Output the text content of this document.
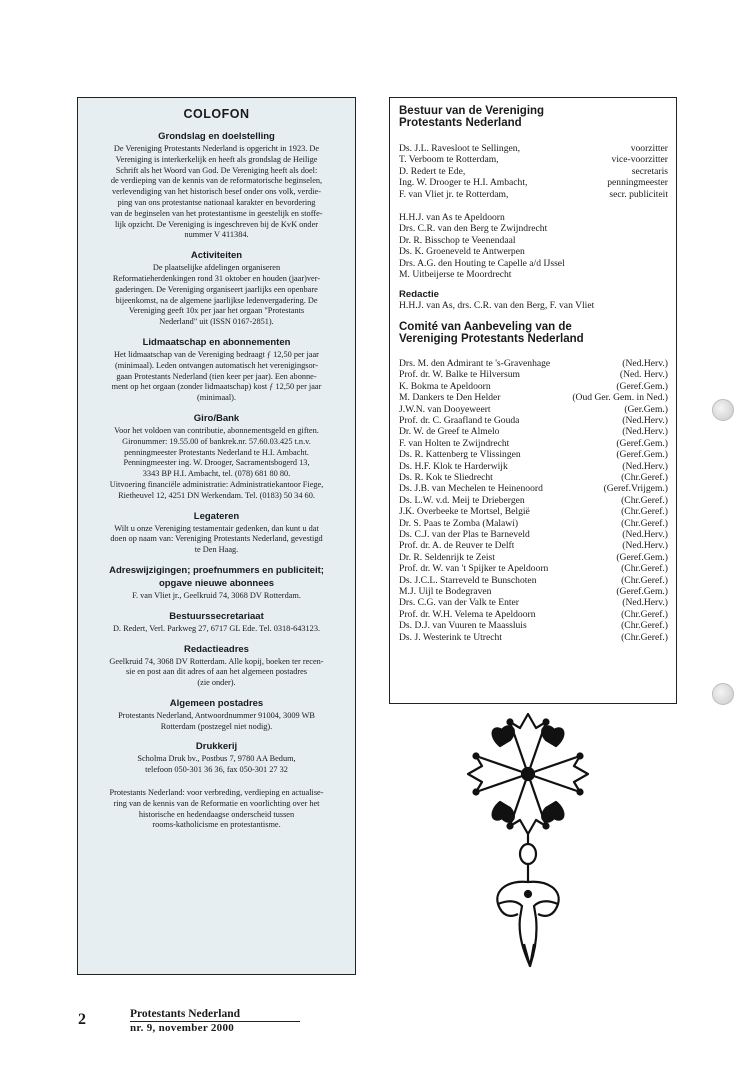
COLOFON
Grondslag en doelstelling
De Vereniging Protestants Nederland is opgericht in 1923. De
Vereniging is interkerkelijk en heeft als grondslag de Heilige
Schrift als het Woord van God. De Vereniging heeft als doel:
de verdieping van de kennis van de reformatorische beginselen,
verlevendiging van het historisch besef onder ons volk, verdie-
ping van ons protestantse nationaal karakter en bevordering
van de beginselen van het protestantisme in geestelijk en stoffe-
lijk opzicht. De Vereniging is ingeschreven bij de KvK onder
nummer V 411384.
Activiteiten
De plaatselijke afdelingen organiseren
Reformatieherdenkingen rond 31 oktober en houden (jaar)ver-
gaderingen. De Vereniging organiseert jaarlijks een openbare
bijeenkomst, na de algemene jaarlijkse ledenvergadering. De
Vereniging geeft 10x per jaar het orgaan "Protestants
Nederland" uit (ISSN 0167-2851).
Lidmaatschap en abonnementen
Het lidmaatschap van de Vereniging bedraagt ƒ 12,50 per jaar
(minimaal). Leden ontvangen automatisch het verenigingsor-
gaan Protestants Nederland (tien keer per jaar). Een abonne-
ment op het orgaan (zonder lidmaatschap) kost ƒ 12,50 per jaar
(minimaal).
Giro/Bank
Voor het voldoen van contributie, abonnementsgeld en giften.
Gironummer: 19.55.00 of bankrek.nr. 57.60.03.425 t.n.v.
penningmeester Protestants Nederland te H.I. Ambacht.
Penningmeester ing. W. Drooger, Sacramentsbogerd 13,
3343 BP H.I. Ambacht, tel. (078) 681 80 80.
Uitvoering financiële administratie: Administratiekantoor Fiege,
Rietheuvel 12, 4251 DN Werkendam. Tel. (0183) 50 34 60.
Legateren
Wilt u onze Vereniging testamentair gedenken, dan kunt u dat
doen op naam van: Vereniging Protestants Nederland, gevestigd
te Den Haag.
Adreswijzigingen; proefnummers en publiciteit;
opgave nieuwe abonnees
F. van Vliet jr., Geelkruid 74, 3068 DV Rotterdam.
Bestuurssecretariaat
D. Redert, Verl. Parkweg 27, 6717 GL Ede. Tel. 0318-643123.
Redactieadres
Geelkruid 74, 3068 DV Rotterdam. Alle kopij, boeken ter recen-
sie en post aan dit adres of aan het algemeen postadres
(zie onder).
Algemeen postadres
Protestants Nederland, Antwoordnummer 91004, 3009 WB
Rotterdam (postzegel niet nodig).
Drukkerij
Scholma Druk bv., Postbus 7, 9780 AA Bedum,
telefoon 050-301 36 36, fax 050-301 27 32
Protestants Nederland: voor verbreding, verdieping en actualise-
ring van de kennis van de Reformatie en voorlichting over het
historische en hedendaagse onderscheid tussen
rooms-katholicisme en protestantisme.
Bestuur van de Vereniging
Protestants Nederland
Ds. J.L. Ravesloot te Sellingen,	voorzitter
T. Verboom te Rotterdam,	vice-voorzitter
D. Redert te Ede,	secretaris
Ing. W. Drooger te H.I. Ambacht,	penningmeester
F. van Vliet jr. te Rotterdam,	secr. publiciteit
H.H.J. van As te Apeldoorn
Drs. C.R. van den Berg te Zwijndrecht
Dr. R. Bisschop te Veenendaal
Ds. K. Groeneveld te Antwerpen
Drs. A.G. den Houting te Capelle a/d IJssel
M. Uitbeijerse te Moordrecht
Redactie
H.H.J. van As, drs. C.R. van den Berg, F. van Vliet
Comité van Aanbeveling van de
Vereniging Protestants Nederland
Drs. M. den Admirant te 's-Gravenhage	(Ned.Herv.)
Prof. dr. W. Balke te Hilversum	(Ned. Herv.)
K. Bokma te Apeldoorn	(Geref.Gem.)
M. Dankers te Den Helder	(Oud Ger. Gem. in Ned.)
J.W.N. van Dooyeweert	(Ger.Gem.)
Prof. dr. C. Graafland te Gouda	(Ned.Herv.)
Dr. W. de Greef te Almelo	(Ned.Herv.)
F. van Holten te Zwijndrecht	(Geref.Gem.)
Ds. R. Kattenberg te Vlissingen	(Geref.Gem.)
Ds. H.F. Klok te Harderwijk	(Ned.Herv.)
Ds. R. Kok te Sliedrecht	(Chr.Geref.)
Ds. J.B. van Mechelen te Heinenoord	(Geref.Vrijgem.)
Ds. L.W. v.d. Meij te Driebergen	(Chr.Geref.)
J.K. Overbeeke te Mortsel, België	(Chr.Geref.)
Dr. S. Paas te Zomba (Malawi)	(Chr.Geref.)
Ds. C.J. van der Plas te Barneveld	(Ned.Herv.)
Prof. dr. A. de Reuver te Delft	(Ned.Herv.)
Dr. R. Seldenrijk te Zeist	(Geref.Gem.)
Prof. dr. W. van 't Spijker te Apeldoorn	(Chr.Geref.)
Ds. J.C.L. Starreveld te Bunschoten	(Chr.Geref.)
M.J. Uijl te Bodegraven	(Geref.Gem.)
Drs. C.G. van der Valk te Enter	(Ned.Herv.)
Prof. dr. W.H. Velema te Apeldoorn	(Chr.Geref.)
Ds. D.J. van Vuuren te Maassluis	(Chr.Geref.)
Ds. J. Westerink te Utrecht	(Chr.Geref.)
2	Protestants Nederland
nr. 9, november 2000
